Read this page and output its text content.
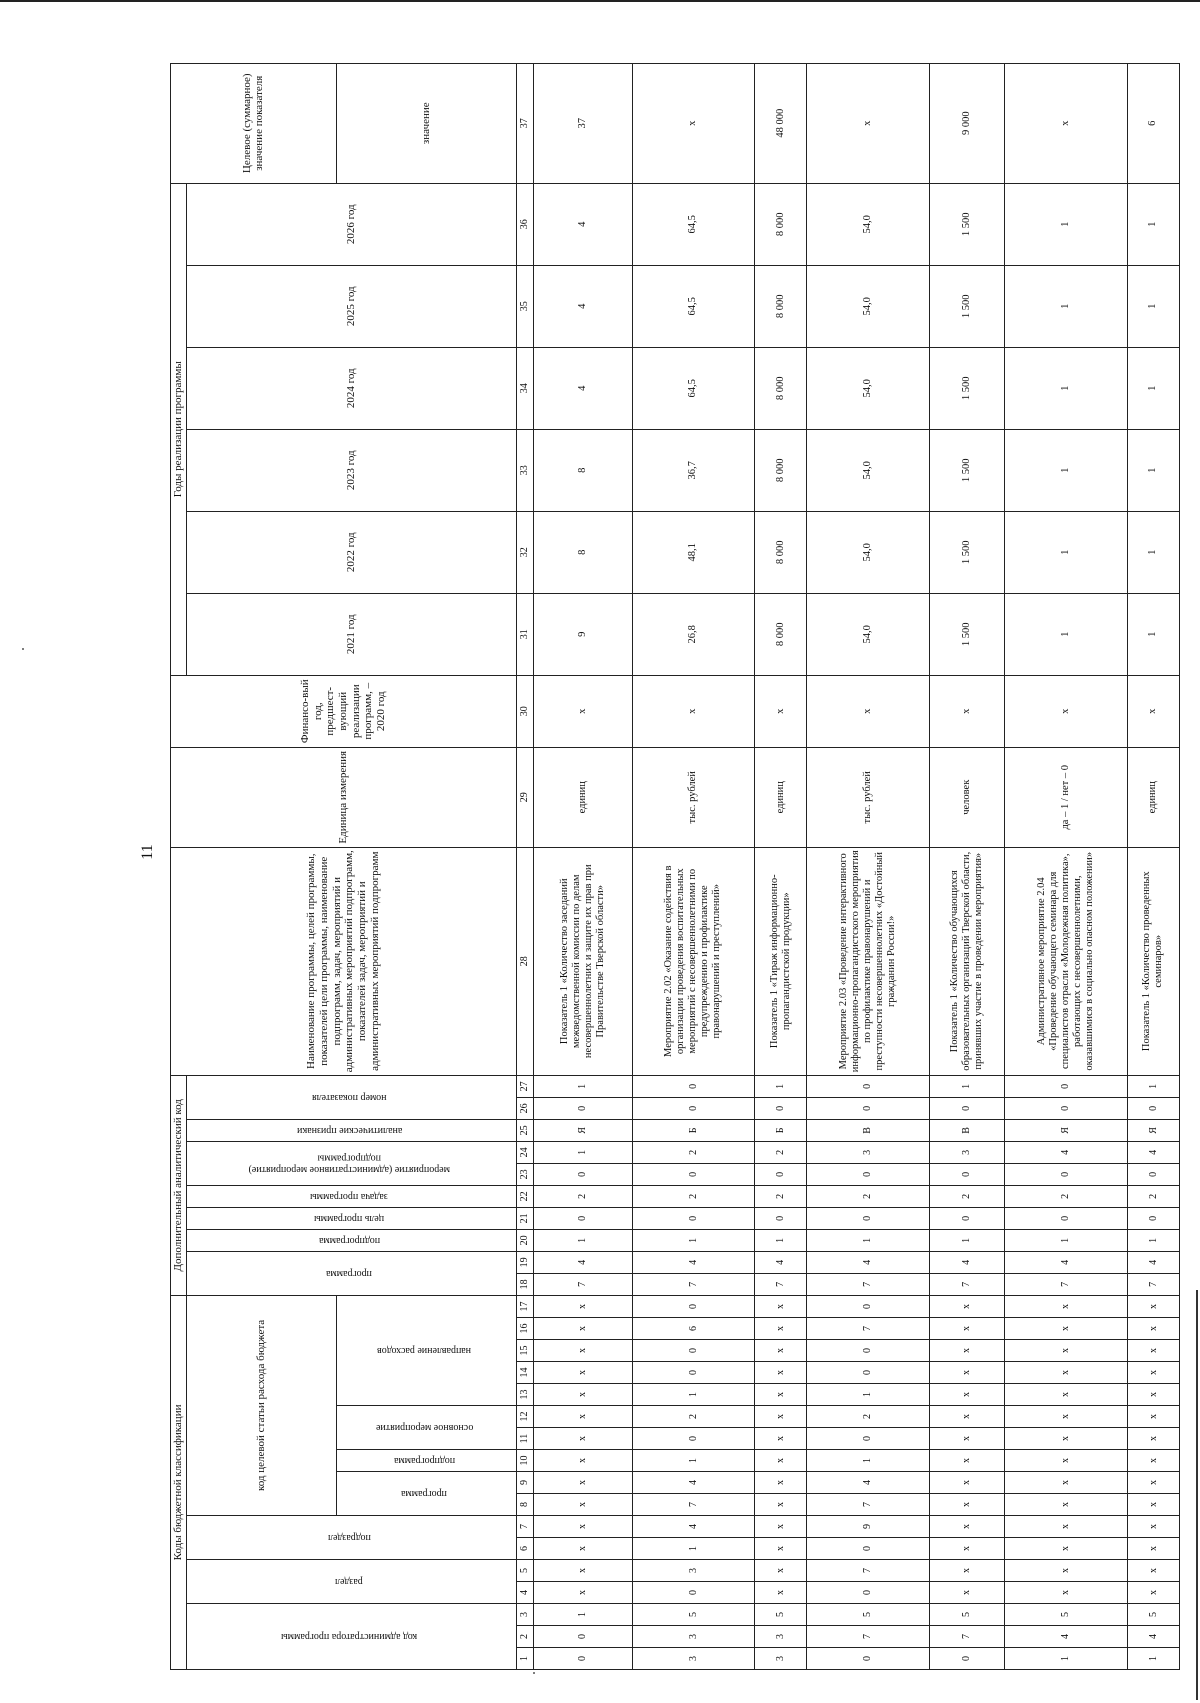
11
Коды бюджетной классификации																	Дополнительный аналитический код										Наименование программы, целей программы, показателей цели программы, наименование подпрограмм, задач, мероприятий и административных мероприятий подпрограмм, показателей задач, мероприятий и административных мероприятий подпрограмм	Единица измерения	Финансо-вый год, предшест-вующий реализации программ, – 2020 год	Годы реализации программы						Целевое (суммарное) значение показателя
код администратора программы			раздел		подраздел		код целевой статьи расхода бюджета										программа		подпрограмма	цель программы	задача программы	мероприятие (административное мероприятие) подпрограммы		аналитические признаки	номер показателя					2021 год	2022 год	2023 год	2024 год	2025 год	2026 год	
							программа		подпрограмма	основное мероприятие		направление расходов																								значение
1	2	3	4	5	6	7	8	9	10	11	12	13	14	15	16	17	18	19	20	21	22	23	24	25	26	27	28	29	30	31	32	33	34	35	36	37
0	0	1	x	x	x	x	x	x	x	x	x	x	x	x	x	x	7	4	1	0	2	0	1	Я	0	1	Показатель 1 «Количество заседаний межведомственной комиссии по делам несовершеннолетних и защите их прав при Правительстве Тверской области»	единиц	x	9	8	8	4	4	4	37
3	3	5	0	3	1	4	7	4	1	0	2	1	0	0	6	0	7	4	1	0	2	0	2	Б	0	0	Мероприятие 2.02 «Оказание содействия в организации проведения воспитательных мероприятий с несовершеннолетними по предупреждению и профилактике правонарушений и преступлений»	тыс. рублей	x	26,8	48,1	36,7	64,5	64,5	64,5	x
3	3	5	x	x	x	x	x	x	x	x	x	x	x	x	x	x	7	4	1	0	2	0	2	Б	0	1	Показатель 1 «Тираж информационно-пропагандистской продукции»	единиц	x	8 000	8 000	8 000	8 000	8 000	8 000	48 000
0	7	5	0	7	0	9	7	4	1	0	2	1	0	0	7	0	7	4	1	0	2	0	3	В	0	0	Мероприятие 2.03 «Проведение интерактивного информационно-пропагандистского мероприятия по профилактике правонарушений и преступности несовершеннолетних «Достойный гражданин России!»	тыс. рублей	x	54,0	54,0	54,0	54,0	54,0	54,0	x
0	7	5	x	x	x	x	x	x	x	x	x	x	x	x	x	x	7	4	1	0	2	0	3	В	0	1	Показатель 1 «Количество обучающихся образовательных организаций Тверской области, принявших участие в проведении мероприятия»	человек	x	1 500	1 500	1 500	1 500	1 500	1 500	9 000
1	4	5	x	x	x	x	x	x	x	x	x	x	x	x	x	x	7	4	1	0	2	0	4	Я	0	0	Административное мероприятие 2.04 «Проведение обучающего семинара для специалистов отрасли «Молодежная политика», работающих с несовершеннолетними, оказавшимися в социально опасном положении»	да – 1 / нет – 0	x	1	1	1	1	1	1	x
1	4	5	x	x	x	x	x	x	x	x	x	x	x	x	x	x	7	4	1	0	2	0	4	Я	0	1	Показатель 1 «Количество проведенных семинаров»	единиц	x	1	1	1	1	1	1	6
